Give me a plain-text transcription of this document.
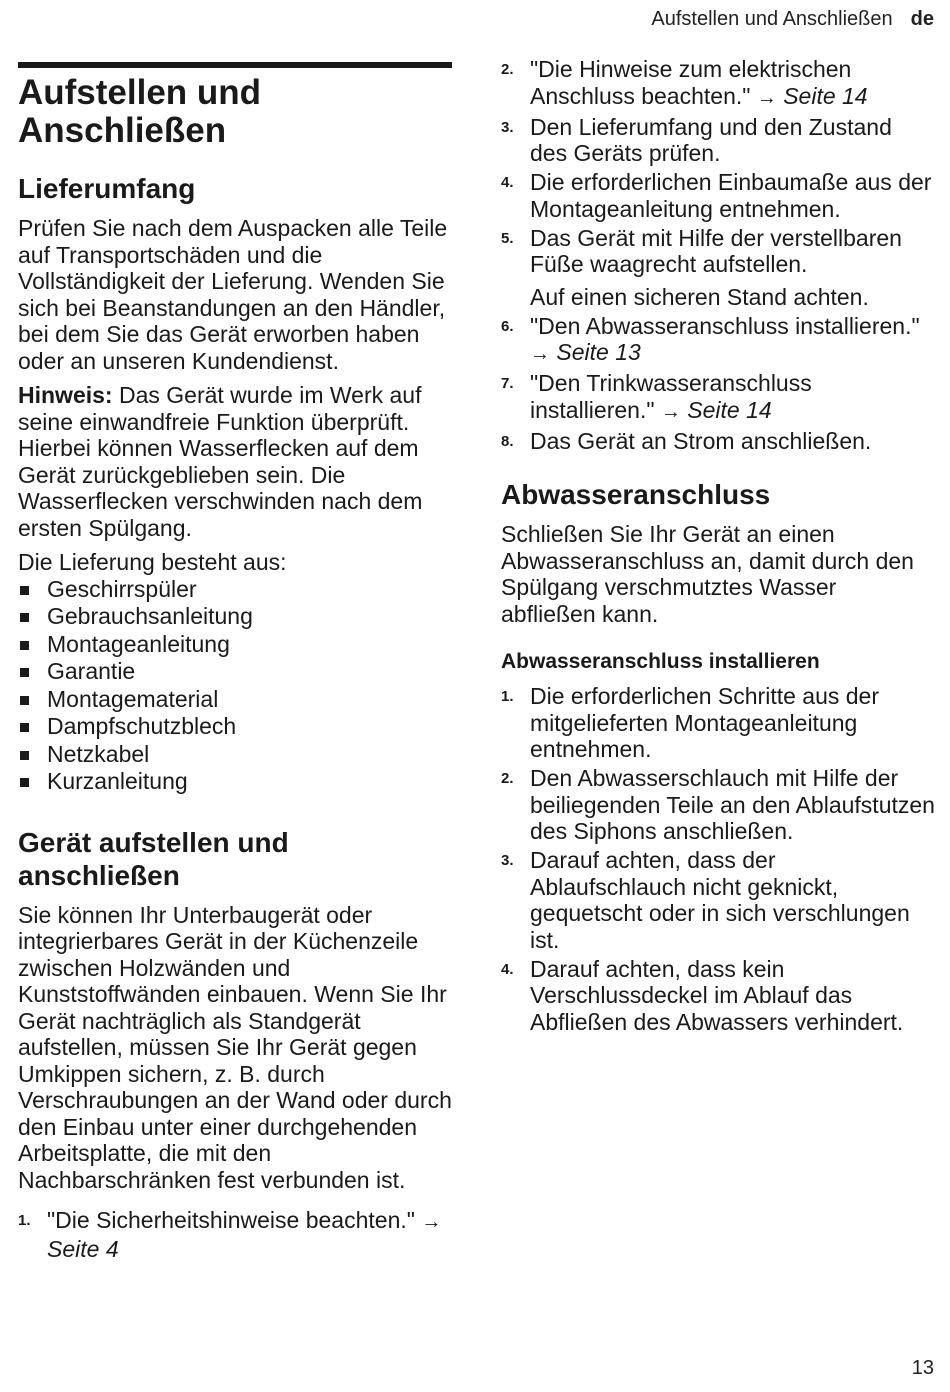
Aufstellen und Anschließen de
Aufstellen und Anschließen
Lieferumfang

Prüfen Sie nach dem Auspacken alle Teile auf Transportschäden und die Vollständigkeit der Lieferung. Wenden Sie sich bei Beanstandungen an den Händler, bei dem Sie das Gerät erworben haben oder an unseren Kundendienst.

Hinweis: Das Gerät wurde im Werk auf seine einwandfreie Funktion überprüft. Hierbei können Wasserflecken auf dem Gerät zurückgeblieben sein. Die Wasserflecken verschwinden nach dem ersten Spülgang.

Die Lieferung besteht aus:

Geschirrspüler
Gebrauchsanleitung
Montageanleitung
Garantie
Montagematerial
Dampfschutzblech
Netzkabel
Kurzanleitung
Gerät aufstellen und anschließen

Sie können Ihr Unterbaugerät oder integrierbares Gerät in der Küchenzeile zwischen Holzwänden und Kunststoffwänden einbauen. Wenn Sie Ihr Gerät nachträglich als Standgerät aufstellen, müssen Sie Ihr Gerät gegen Umkippen sichern, z. B. durch Verschraubungen an der Wand oder durch den Einbau unter einer durchgehenden Arbeitsplatte, die mit den Nachbarschränken fest verbunden ist.

1. "Die Sicherheitshinweise beachten." → Seite 4
2. "Die Hinweise zum elektrischen Anschluss beachten." → Seite 14
3. Den Lieferumfang und den Zustand des Geräts prüfen.
4. Die erforderlichen Einbaumaße aus der Montageanleitung entnehmen.
5. Das Gerät mit Hilfe der verstellbaren Füße waagrecht aufstellen.
Auf einen sicheren Stand achten.
6. "Den Abwasseranschluss installieren." → Seite 13
7. "Den Trinkwasseranschluss installieren." → Seite 14
8. Das Gerät an Strom anschließen.
Abwasseranschluss

Schließen Sie Ihr Gerät an einen Abwasseranschluss an, damit durch den Spülgang verschmutztes Wasser abfließen kann.

Abwasseranschluss installieren
1. Die erforderlichen Schritte aus der mitgelieferten Montageanleitung entnehmen.
2. Den Abwasserschlauch mit Hilfe der beiliegenden Teile an den Ablaufstutzen des Siphons anschließen.
3. Darauf achten, dass der Ablaufschlauch nicht geknickt, gequetscht oder in sich verschlungen ist.
4. Darauf achten, dass kein Verschlussdeckel im Ablauf das Abfließen des Abwassers verhindert.
13
